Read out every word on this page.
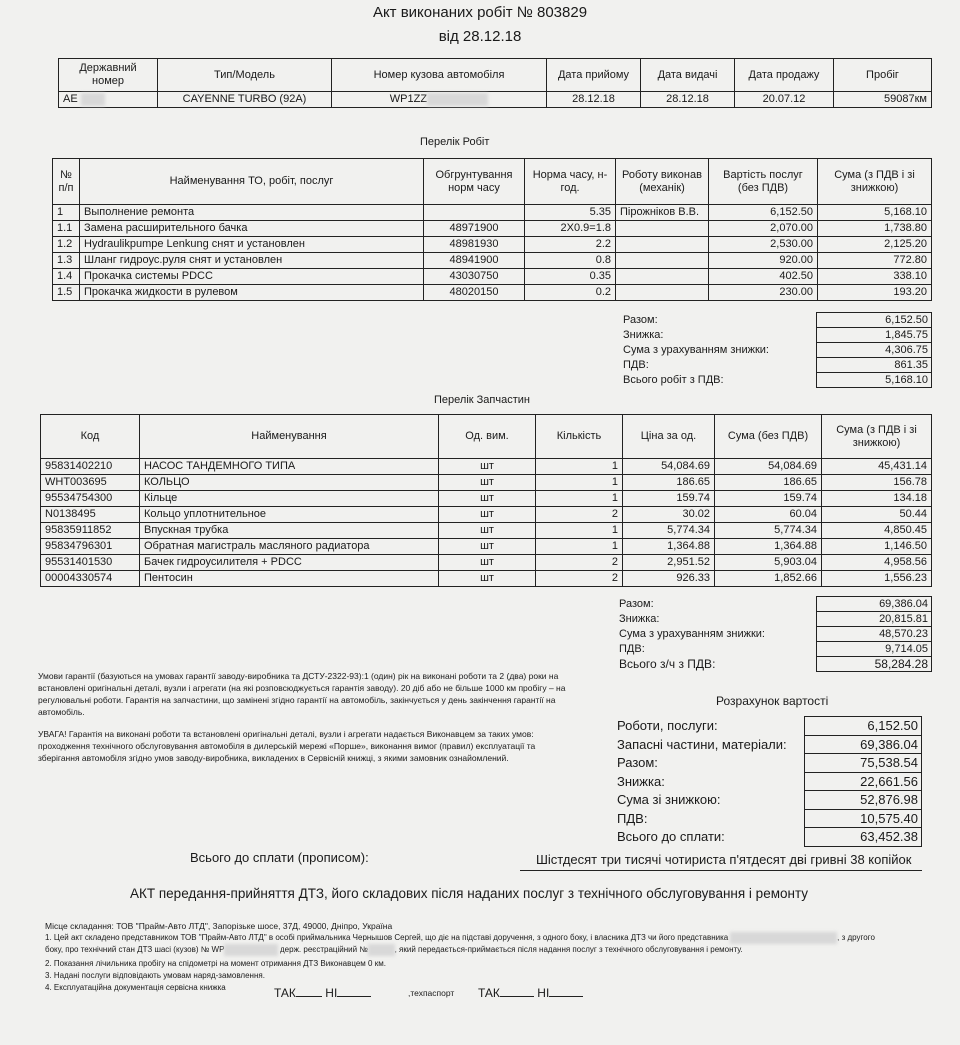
Акт виконаних робіт № 803829
від 28.12.18
Державний номер	Тип/Модель	Номер кузова автомобіля	Дата прийому	Дата видачі	Дата продажу	Пробіг
АЕ	CAYENNE TURBO (92A)	WP1ZZ	28.12.18	28.12.18	20.07.12	59087км
Перелік Робіт
№ п/п	Найменування ТО, робіт, послуг	Обгрунтування норм часу	Норма часу, н-год.	Роботу виконав (механік)	Вартість послуг (без ПДВ)	Сума (з ПДВ і зі знижкою)
1	Выполнение ремонта		5.35	Пірожніков В.В.	6,152.50	5,168.10
1.1	Замена расширительного бачка	48971900	2X0.9=1.8		2,070.00	1,738.80
1.2	Hydraulikpumpe Lenkung снят и установлен	48981930	2.2		2,530.00	2,125.20
1.3	Шланг гидроус.руля снят и установлен	48941900	0.8		920.00	772.80
1.4	Прокачка системы PDCC	43030750	0.35		402.50	338.10
1.5	Прокачка жидкости в рулевом	48020150	0.2		230.00	193.20
Разом:	6,152.50
Знижка:	1,845.75
Сума з урахуванням знижки:	4,306.75
ПДВ:	861.35
Всього робіт з ПДВ:	5,168.10
Перелік Запчастин
Код	Найменування	Од. вим.	Кількість	Ціна за од.	Сума (без ПДВ)	Сума (з ПДВ і зі знижкою)
95831402210	НАСОС ТАНДЕМНОГО ТИПА	шт	1	54,084.69	54,084.69	45,431.14
WHT003695	КОЛЬЦО	шт	1	186.65	186.65	156.78
95534754300	Кільце	шт	1	159.74	159.74	134.18
N0138495	Кольцо уплотнительное	шт	2	30.02	60.04	50.44
95835911852	Впускная трубка	шт	1	5,774.34	5,774.34	4,850.45
95834796301	Обратная магистраль масляного радиатора	шт	1	1,364.88	1,364.88	1,146.50
95531401530	Бачек гидроусилителя + PDCC	шт	2	2,951.52	5,903.04	4,958.56
00004330574	Пентосин	шт	2	926.33	1,852.66	1,556.23
Разом:	69,386.04
Знижка:	20,815.81
Сума з урахуванням знижки:	48,570.23
ПДВ:	9,714.05
Всього з/ч з ПДВ:	58,284.28
Умови гарантії (базуються на умовах гарантії заводу-виробника та ДСТУ-2322-93):1 (один) рік на виконані роботи та 2 (два) роки на встановлені оригінальні деталі, вузли і агрегати (на які розповсюджується гарантія заводу). 20 діб або не більше 1000 км пробігу – на регулювальні роботи. Гарантія на запчастини, що замінені згідно гарантії на автомобіль, закінчується у день закінчення гарантії на автомобіль.
УВАГА! Гарантія на виконані роботи та встановлені оригінальні деталі, вузли і агрегати надається Виконавцем за таких умов: проходження технічного обслуговування автомобіля в дилерській мережі «Порше», виконання вимог (правил) експлуатації та зберігання автомобіля згідно умов заводу-виробника, викладених в Сервісній книжці, з якими замовник ознайомлений.
Розрахунок вартості
Роботи, послуги:	6,152.50
Запасні частини, матеріали:	69,386.04
Разом:	75,538.54
Знижка:	22,661.56
Сума зі знижкою:	52,876.98
ПДВ:	10,575.40
Всього до сплати:	63,452.38
Всього до сплати (прописом):	Шістдесят три тисячі чотириста п'ятдесят дві гривні 38 копійок
АКТ передання-прийняття ДТЗ, його складових після наданих послуг з технічного обслуговування і ремонту
Місце складання: ТОВ "Прайм-Авто ЛТД", Запорізьке шосе, 37Д, 49000, Дніпро, Україна
1. Цей акт складено представником ТОВ "Прайм-Авто ЛТД" в особі приймальника Чернышов Сергей, що діє на підставі доручення, з одного боку, і власника ДТЗ чи його представника	, з другого боку, про технічний стан ДТЗ шасі (кузов) № WP	держ. реєстраційний №	, який передається-приймається після надання послуг з технічного обслуговування і ремонту.
2. Показання лічильника пробігу на спідометрі на момент отримання ДТЗ Виконавцем 0 км.
3. Надані послуги відповідають умовам наряд-замовлення.
4. Експлуатаційна документація сервісна книжка	ТАК НІ	,техпаспорт ТАК	НІ
